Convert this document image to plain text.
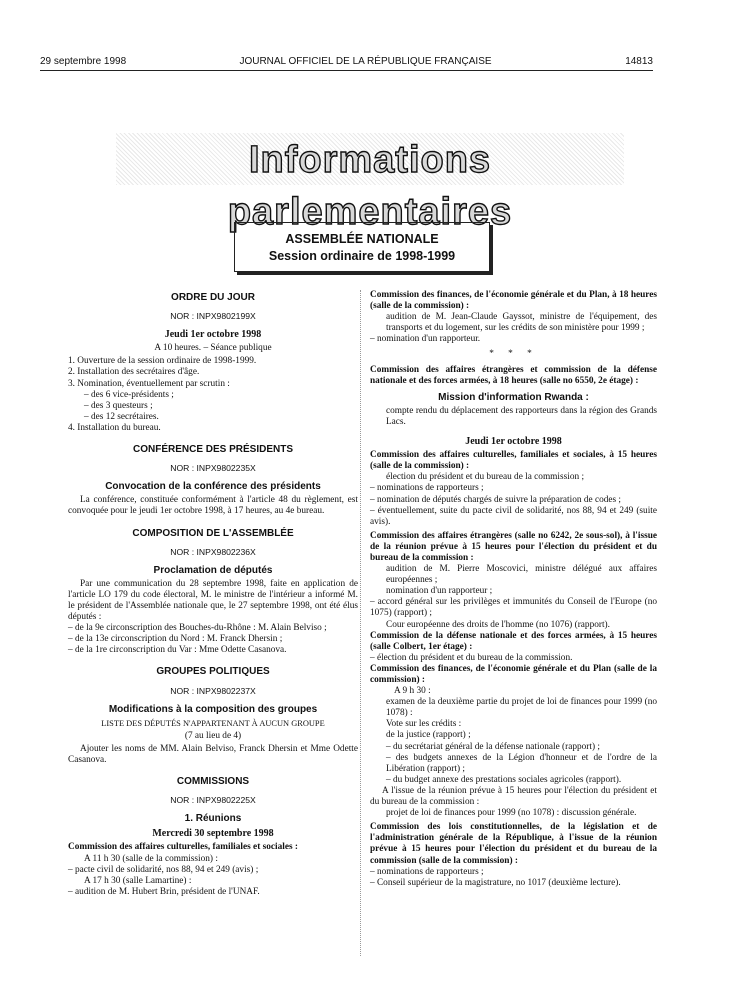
29 septembre 1998	JOURNAL OFFICIEL DE LA RÉPUBLIQUE FRANÇAISE	14813
Informations parlementaires
ASSEMBLÉE NATIONALE
Session ordinaire de 1998-1999
ORDRE DU JOUR
NOR : INPX9802199X
Jeudi 1er octobre 1998
A 10 heures. – Séance publique

1. Ouverture de la session ordinaire de 1998-1999.

2. Installation des secrétaires d'âge.

3. Nomination, éventuellement par scrutin :

– des 6 vice-présidents ;

– des 3 questeurs ;

– des 12 secrétaires.

4. Installation du bureau.

CONFÉRENCE DES PRÉSIDENTS
NOR : INPX9802235X
Convocation de la conférence des présidents

La conférence, constituée conformément à l'article 48 du règlement, est convoquée pour le jeudi 1er octobre 1998, à 17 heures, au 4e bureau.

COMPOSITION DE L'ASSEMBLÉE
NOR : INPX9802236X
Proclamation de députés

Par une communication du 28 septembre 1998, faite en application de l'article LO 179 du code électoral, M. le ministre de l'intérieur a informé M. le président de l'Assemblée nationale que, le 27 septembre 1998, ont été élus députés :

– de la 9e circonscription des Bouches-du-Rhône : M. Alain Belviso ;

– de la 13e circonscription du Nord : M. Franck Dhersin ;

– de la 1re circonscription du Var : Mme Odette Casanova.

GROUPES POLITIQUES
NOR : INPX9802237X
Modifications à la composition des groupes
LISTE DES DÉPUTÉS N'APPARTENANT À AUCUN GROUPE
(7 au lieu de 4)

Ajouter les noms de MM. Alain Belviso, Franck Dhersin et Mme Odette Casanova.

COMMISSIONS
NOR : INPX9802225X
1. Réunions
Mercredi 30 septembre 1998

Commission des affaires culturelles, familiales et sociales :

A 11 h 30 (salle de la commission) :

– pacte civil de solidarité, nos 88, 94 et 249 (avis) ;

A 17 h 30 (salle Lamartine) :

– audition de M. Hubert Brin, président de l'UNAF.

Commission des finances, de l'économie générale et du Plan, à 18 heures (salle de la commission) :

audition de M. Jean-Claude Gayssot, ministre de l'équipement, des transports et du logement, sur les crédits de son ministère pour 1999 ;

– nomination d'un rapporteur.

* * *

Commission des affaires étrangères et commission de la défense nationale et des forces armées, à 18 heures (salle no 6550, 2e étage) :

Mission d'information Rwanda :

compte rendu du déplacement des rapporteurs dans la région des Grands Lacs.

Jeudi 1er octobre 1998

Commission des affaires culturelles, familiales et sociales, à 15 heures (salle de la commission) :

élection du président et du bureau de la commission ;

– nominations de rapporteurs ;

– nomination de députés chargés de suivre la préparation de codes ;

– éventuellement, suite du pacte civil de solidarité, nos 88, 94 et 249 (suite avis).

Commission des affaires étrangères (salle no 6242, 2e sous-sol), à l'issue de la réunion prévue à 15 heures pour l'élection du président et du bureau de la commission :

audition de M. Pierre Moscovici, ministre délégué aux affaires européennes ;

nomination d'un rapporteur ;

– accord général sur les privilèges et immunités du Conseil de l'Europe (no 1075) (rapport) ;

Cour européenne des droits de l'homme (no 1076) (rapport).

Commission de la défense nationale et des forces armées, à 15 heures (salle Colbert, 1er étage) :

– élection du président et du bureau de la commission.

Commission des finances, de l'économie générale et du Plan (salle de la commission) :

A 9 h 30 :

examen de la deuxième partie du projet de loi de finances pour 1999 (no 1078) :

Vote sur les crédits :

de la justice (rapport) ;

– du secrétariat général de la défense nationale (rapport) ;

– des budgets annexes de la Légion d'honneur et de l'ordre de la Libération (rapport) ;

– du budget annexe des prestations sociales agricoles (rapport).

A l'issue de la réunion prévue à 15 heures pour l'élection du président et du bureau de la commission :

projet de loi de finances pour 1999 (no 1078) : discussion générale.

Commission des lois constitutionnelles, de la législation et de l'administration générale de la République, à l'issue de la réunion prévue à 15 heures pour l'élection du président et du bureau de la commission (salle de la commission) :

– nominations de rapporteurs ;

– Conseil supérieur de la magistrature, no 1017 (deuxième lecture).
